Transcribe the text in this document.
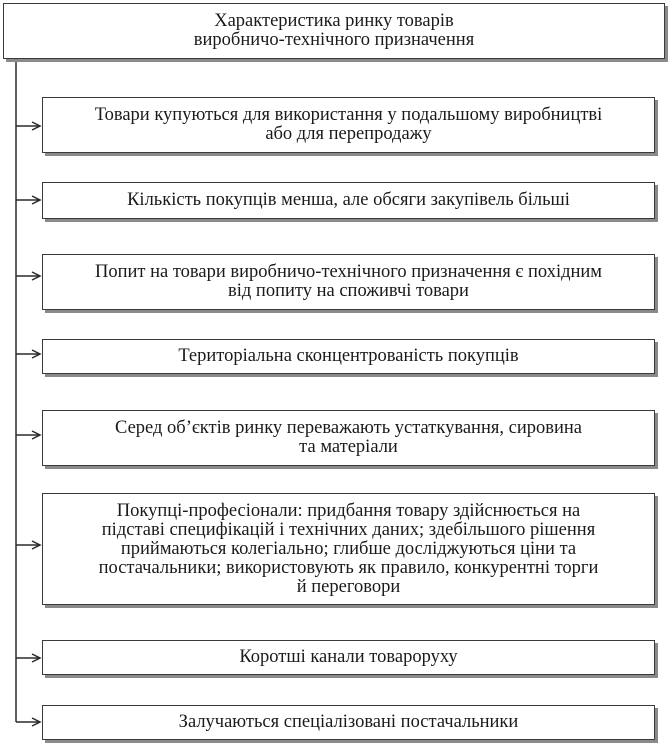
Характеристика ринку товарів
виробничо-технічного призначення
Товари купуються для використання у подальшому виробництві
або для перепродажу
Кількість покупців менша, але обсяги закупівель більші
Попит на товари виробничо-технічного призначення є похідним
від попиту на споживчі товари
Територіальна сконцентрованість покупців
Серед об’єктів ринку переважають устаткування, сировина
та матеріали
Покупці-професіонали: придбання товару здійснюється на
підставі специфікацій і технічних даних; здебільшого рішення
приймаються колегіально; глибше досліджуються ціни та
постачальники; використовують як правило, конкурентні торги
й переговори
Коротші канали товароруху
Залучаються спеціалізовані постачальники
